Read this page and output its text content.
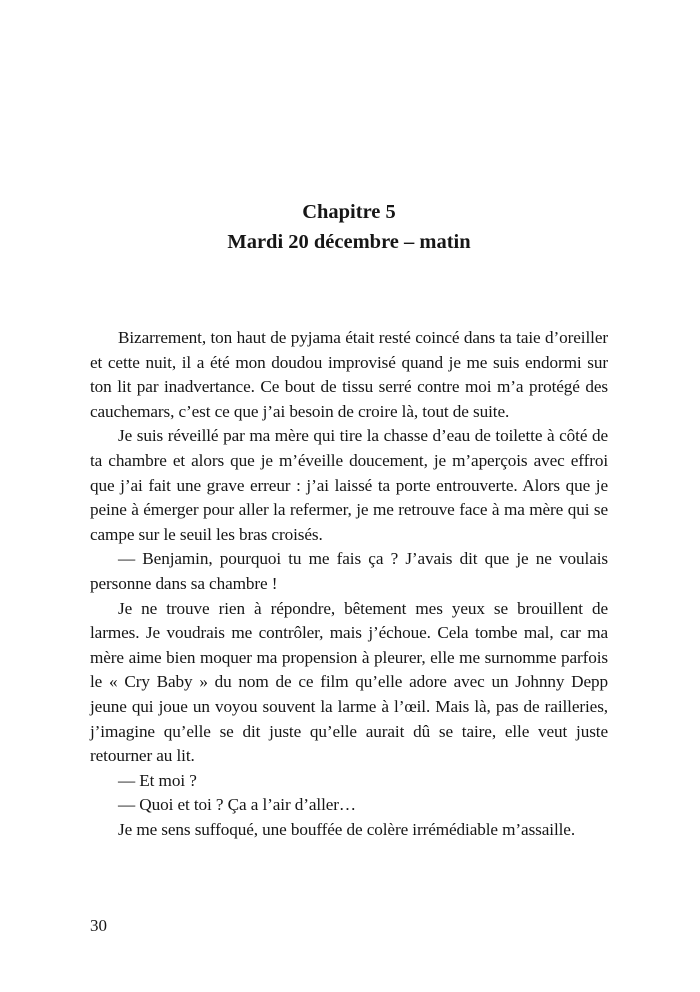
Chapitre 5
Mardi 20 décembre – matin

Bizarrement, ton haut de pyjama était resté coincé dans ta taie d’oreiller et cette nuit, il a été mon doudou improvisé quand je me suis endormi sur ton lit par inadvertance. Ce bout de tissu serré contre moi m’a protégé des cauchemars, c’est ce que j’ai besoin de croire là, tout de suite.

Je suis réveillé par ma mère qui tire la chasse d’eau de toilette à côté de ta chambre et alors que je m’éveille doucement, je m’aperçois avec effroi que j’ai fait une grave erreur : j’ai laissé ta porte entrouverte. Alors que je peine à émerger pour aller la refermer, je me retrouve face à ma mère qui se campe sur le seuil les bras croisés.

— Benjamin, pourquoi tu me fais ça ? J’avais dit que je ne voulais personne dans sa chambre !

Je ne trouve rien à répondre, bêtement mes yeux se brouillent de larmes. Je voudrais me contrôler, mais j’échoue. Cela tombe mal, car ma mère aime bien moquer ma propension à pleurer, elle me surnomme parfois le « Cry Baby » du nom de ce film qu’elle adore avec un Johnny Depp jeune qui joue un voyou souvent la larme à l’œil. Mais là, pas de railleries, j’imagine qu’elle se dit juste qu’elle aurait dû se taire, elle veut juste retourner au lit.

— Et moi ?

— Quoi et toi ? Ça a l’air d’aller…

Je me sens suffoqué, une bouffée de colère irrémédiable m’assaille.

30
